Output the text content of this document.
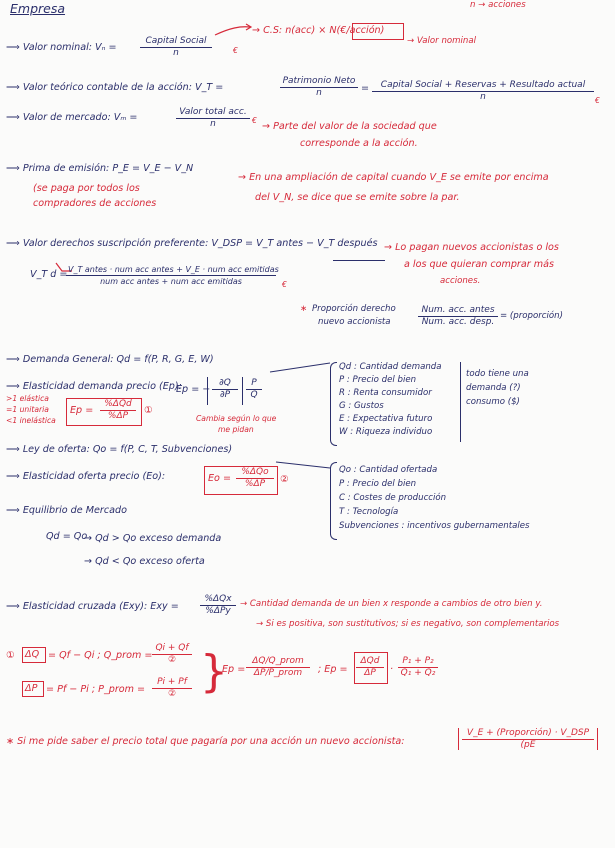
Empresa	n → acciones
→ C.S: n(acc) × N(€/acción)
→ Valor nominal
⟹ Valor nominal: Vₙ =
Capital Social
n	€
⟹ Valor teórico contable de la acción: V_T =
Patrimonio Neto
n	=	Capital Social + Reservas + Resultado actual
n	€
⟹ Valor de mercado: Vₘ =	Valor total acc.
n	€
→ Parte del valor de la sociedad que
corresponde a la acción.
⟹ Prima de emisión: P_E = V_E − V_N
→ En una ampliación de capital cuando V_E se emite por encima
del V_N, se dice que se emite sobre la par.
(se paga por todos los
compradores de acciones
⟹ Valor derechos suscripción preferente: V_DSP = V_T antes − V_T después → Lo pagan nuevos accionistas o los
a los que quieran comprar más
acciones.
V_T d = V_T antes · num acc antes + V_E · num acc emitidas
num acc antes + num acc emitidas	€
∗ Proporción derecho
nuevo accionista
Num. acc. antes
Num. acc. desp.
= (proporción)
⟹ Demanda General: Qd = f(P, R, G, E, W)
Qd : Cantidad demanda
P : Precio del bien
R : Renta consumidor
G : Gustos
E : Expectativa futuro
W : Riqueza individuo
todo tiene una
demanda (?)
consumo ($)
⟹ Elasticidad demanda precio (Ep):
Ep = − $\frac{\partial Q}{\partial P} \frac{P}{Q}$
>1 elástica
=1 unitaria
<1 inelástica
Ep =
%ΔQd
%ΔP	①
Cambia según lo que
me pidan
⟹ Ley de oferta: Qo = f(P, C, T, Subvenciones)
⟹ Elasticidad oferta precio (Eo):	Eo =
%ΔQo
%ΔP	②
Qo : Cantidad ofertada
P : Precio del bien
C : Costes de producción
T : Tecnología
Subvenciones : incentivos gubernamentales
⟹ Equilibrio de Mercado
Qd = Qo
→ Qd > Qo exceso demanda
→ Qd < Qo exceso oferta
⟹ Elasticidad cruzada (Exy): Exy =
%ΔQx
%ΔPy
→ Cantidad demanda de un bien x responde a cambios de otro bien y.
→ Si es positiva, son sustitutivos; si es negativo, son complementarios
① ΔQ = Qf − Qi ; Q_prom =
Qi + Qf
②
ΔP = Pf − Pi ; P_prom =
Pi + Pf
② }
Ep =
ΔQ/Q_prom
ΔP/P_prom	; Ep =
ΔQd
ΔP	· $\frac{\text{P₁ + P₂}}{\text{Q₁ + Q₂}}$
∗ Si me pide saber el precio total que pagaría por una acción un nuevo accionista:
V_E + (Proporción) · V_DSP
(pE
